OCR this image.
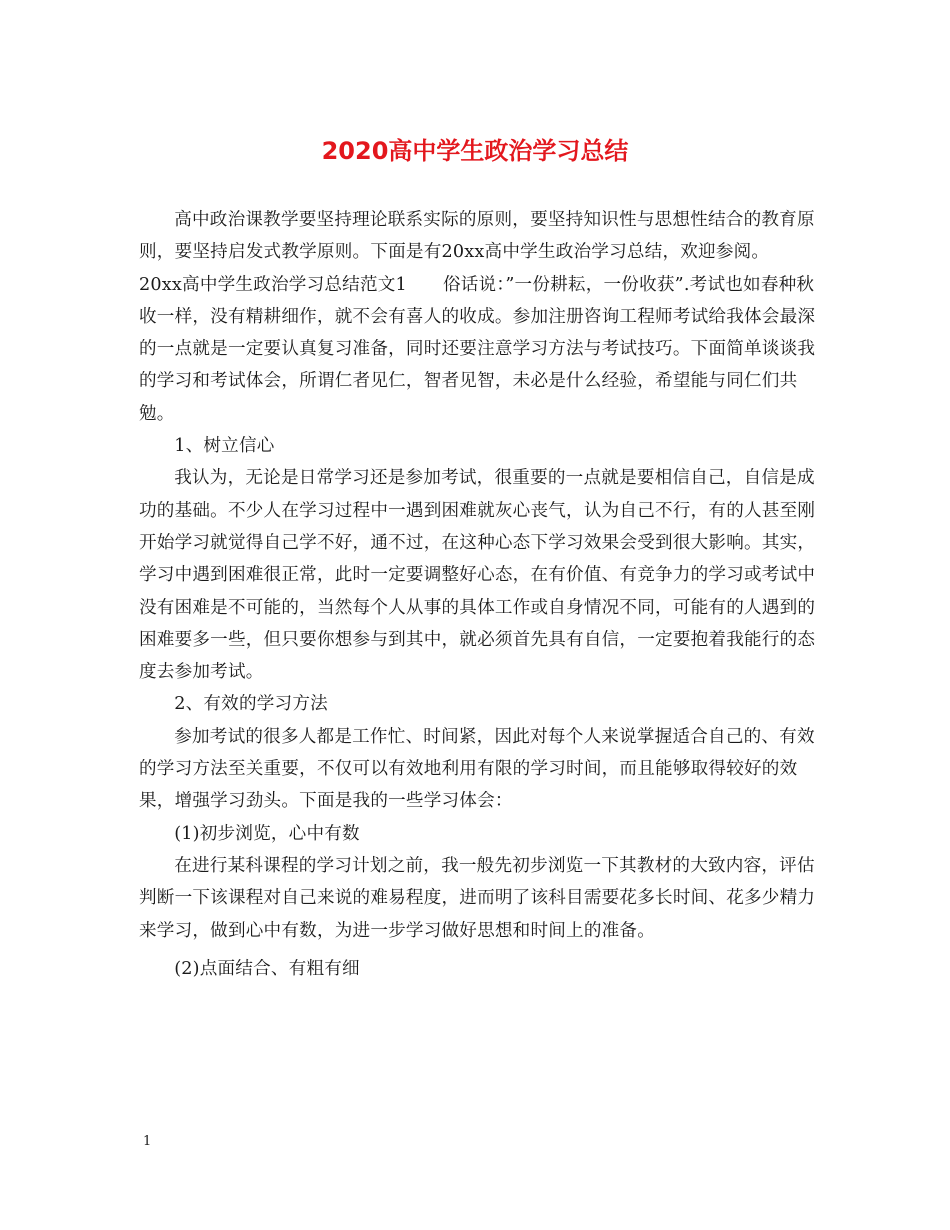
2020高中学生政治学习总结

高中政治课教学要坚持理论联系实际的原则，要坚持知识性与思想性结合的教育原则，要坚持启发式教学原则。下面是有20xx高中学生政治学习总结，欢迎参阅。

20xx高中学生政治学习总结范文1 俗话说：”一份耕耘，一份收获”.考试也如春种秋收一样，没有精耕细作，就不会有喜人的收成。参加注册咨询工程师考试给我体会最深的一点就是一定要认真复习准备，同时还要注意学习方法与考试技巧。下面简单谈谈我的学习和考试体会，所谓仁者见仁，智者见智，未必是什么经验，希望能与同仁们共勉。

1、树立信心

我认为，无论是日常学习还是参加考试，很重要的一点就是要相信自己，自信是成功的基础。不少人在学习过程中一遇到困难就灰心丧气，认为自己不行，有的人甚至刚开始学习就觉得自己学不好，通不过，在这种心态下学习效果会受到很大影响。其实，学习中遇到困难很正常，此时一定要调整好心态，在有价值、有竞争力的学习或考试中没有困难是不可能的，当然每个人从事的具体工作或自身情况不同，可能有的人遇到的困难要多一些，但只要你想参与到其中，就必须首先具有自信，一定要抱着我能行的态度去参加考试。

2、有效的学习方法

参加考试的很多人都是工作忙、时间紧，因此对每个人来说掌握适合自己的、有效的学习方法至关重要，不仅可以有效地利用有限的学习时间，而且能够取得较好的效果，增强学习劲头。下面是我的一些学习体会：

(1)初步浏览，心中有数

在进行某科课程的学习计划之前，我一般先初步浏览一下其教材的大致内容，评估判断一下该课程对自己来说的难易程度，进而明了该科目需要花多长时间、花多少精力来学习，做到心中有数，为进一步学习做好思想和时间上的准备。

(2)点面结合、有粗有细

1
